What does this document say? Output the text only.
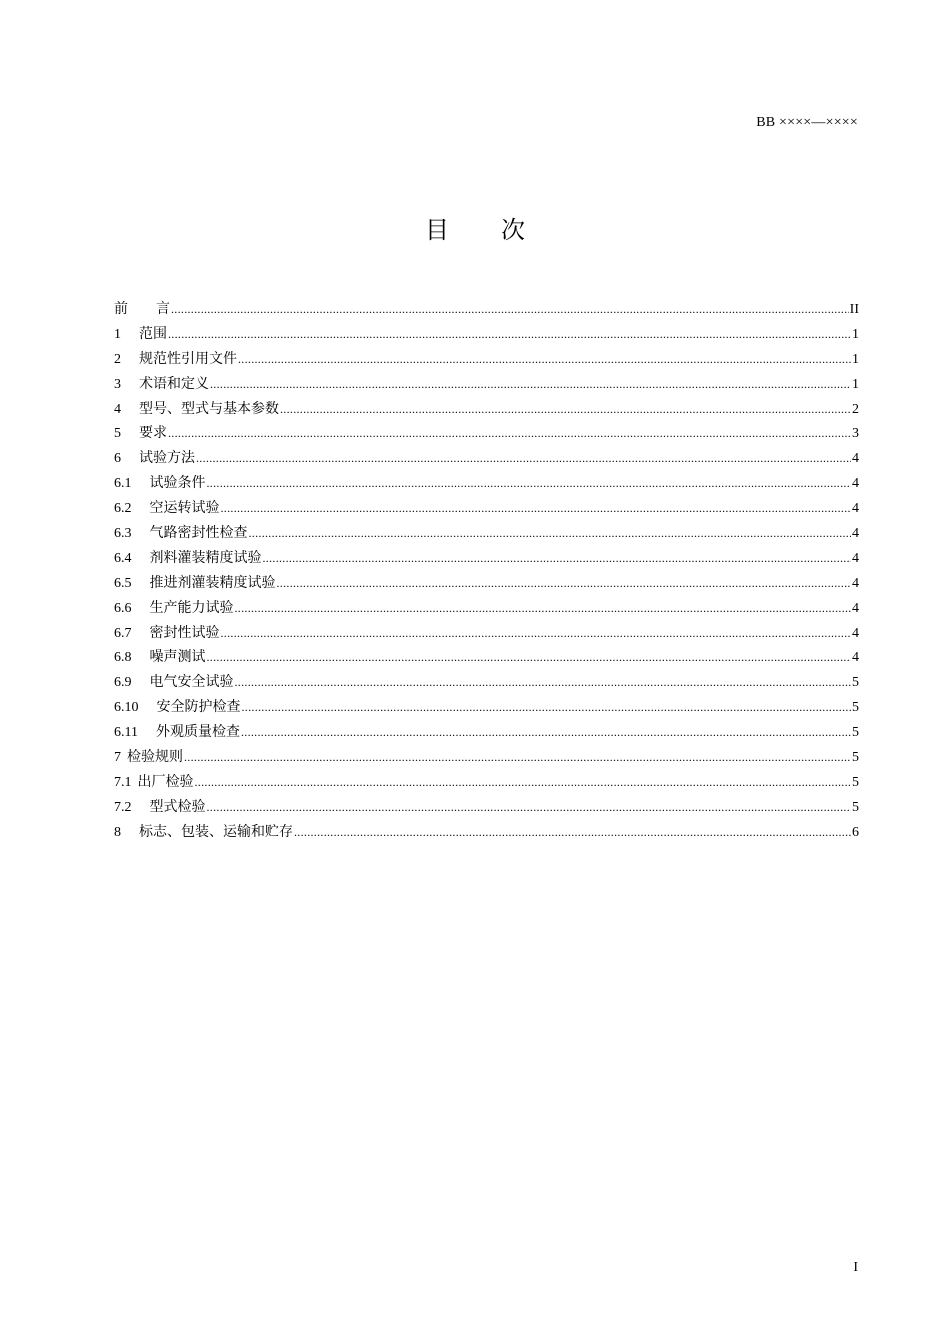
BB ××××—××××
目 次
前　　言 .....	II
1 范围 .....	1
2 规范性引用文件 .....	1
3 术语和定义 .....	1
4 型号、型式与基本参数 .....	2
5 要求 .....	3
6 试验方法 .....	4
6.1 试验条件 .....	4
6.2 空运转试验 .....	4
6.3 气路密封性检查 .....	4
6.4 剂料灌装精度试验 .....	4
6.5 推进剂灌装精度试验 .....	4
6.6 生产能力试验 .....	4
6.7 密封性试验 .....	4
6.8 噪声测试 .....	4
6.9 电气安全试验 .....	5
6.10 安全防护检查 .....	5
6.11 外观质量检查 .....	5
7 检验规则 .....	5
7.1 出厂检验 .....	5
7.2 型式检验 .....	5
8 标志、包装、运输和贮存 .....	6
I
